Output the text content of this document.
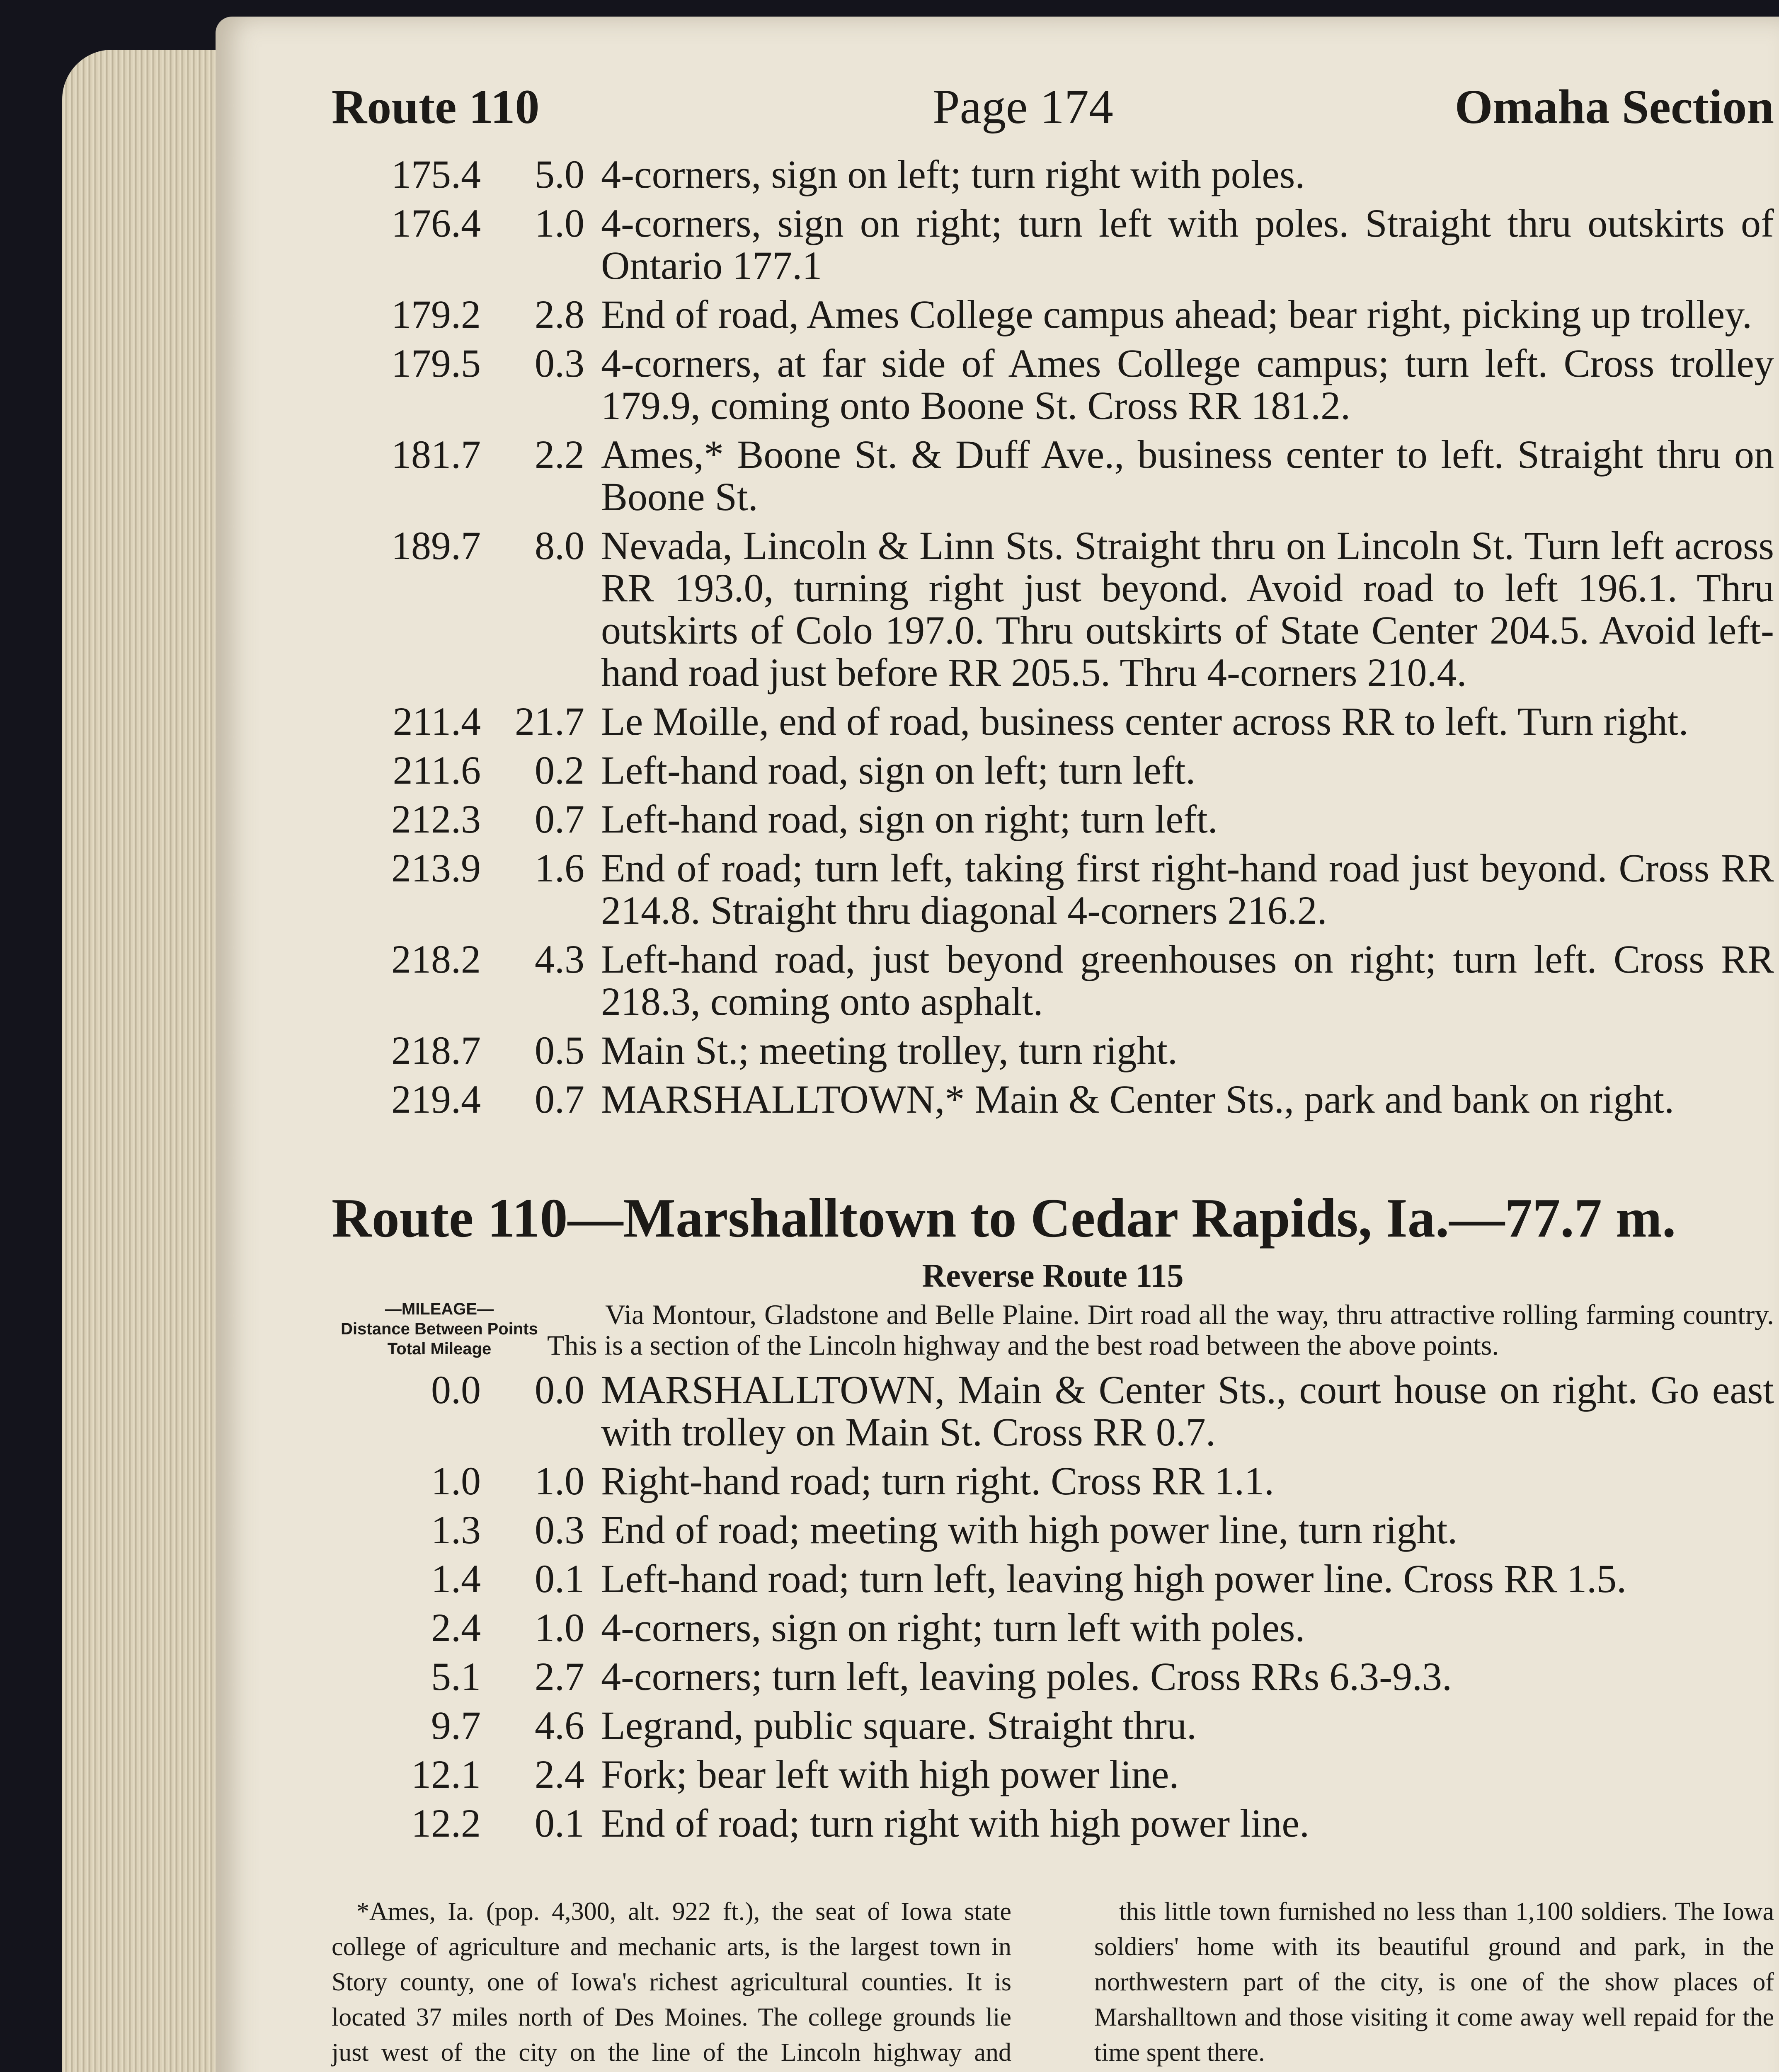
Route 110	Page 174	Omaha Section
175.4	5.0 4-corners, sign on left; turn right with poles.
176.4	1.0 4-corners, sign on right; turn left with poles. Straight thru outskirts of Ontario 177.1
179.2	2.8 End of road, Ames College campus ahead; bear right, picking up trolley.
179.5	0.3 4-corners, at far side of Ames College campus; turn left. Cross trolley 179.9, coming onto Boone St. Cross RR 181.2.
181.7	2.2 Ames,* Boone St. & Duff Ave., business center to left. Straight thru on Boone St.
189.7	8.0 Nevada, Lincoln & Linn Sts. Straight thru on Lincoln St. Turn left across RR 193.0, turning right just beyond. Avoid road to left 196.1. Thru outskirts of Colo 197.0. Thru outskirts of State Center 204.5. Avoid left-hand road just before RR 205.5. Thru 4-corners 210.4.
211.4 21.7 Le Moille, end of road, business center across RR to left. Turn right.
211.6	0.2 Left-hand road, sign on left; turn left.
212.3	0.7 Left-hand road, sign on right; turn left.
213.9	1.6 End of road; turn left, taking first right-hand road just beyond. Cross RR 214.8. Straight thru diagonal 4-corners 216.2.
218.2	4.3 Left-hand road, just beyond greenhouses on right; turn left. Cross RR 218.3, coming onto asphalt.
218.7	0.5 Main St.; meeting trolley, turn right.
219.4	0.7 MARSHALLTOWN,* Main & Center Sts., park and bank on right.
Route 110—Marshalltown to Cedar Rapids, Ia.—77.7 m.
Reverse Route 115
—MILEAGE—
Distance Between Points
Total Mileage
Via Montour, Gladstone and Belle Plaine. Dirt road all the way, thru attractive rolling farming country. This is a section of the Lincoln highway and the best road between the above points.
0.0	0.0 MARSHALLTOWN, Main & Center Sts., court house on right. Go east with trolley on Main St. Cross RR 0.7.
1.0	1.0 Right-hand road; turn right. Cross RR 1.1.
1.3	0.3 End of road; meeting with high power line, turn right.
1.4	0.1 Left-hand road; turn left, leaving high power line. Cross RR 1.5.
2.4	1.0 4-corners, sign on right; turn left with poles.
5.1	2.7 4-corners; turn left, leaving poles. Cross RRs 6.3-9.3.
9.7	4.6 Legrand, public square. Straight thru.
12.1	2.4 Fork; bear left with high power line.
12.2	0.1 End of road; turn right with high power line.

*Ames, Ia. (pop. 4,300, alt. 922 ft.), the seat of Iowa state college of agriculture and mechanic arts, is the largest town in Story county, one of Iowa's richest agricultural counties. It is located 37 miles north of Des Moines. The college grounds lie just west of the city on the line of the Lincoln highway and

this little town furnished no less than 1,100 soldiers. The Iowa soldiers' home with its beautiful ground and park, in the northwestern part of the city, is one of the show places of Marshalltown and those visiting it come away well repaid for the time spent there.
